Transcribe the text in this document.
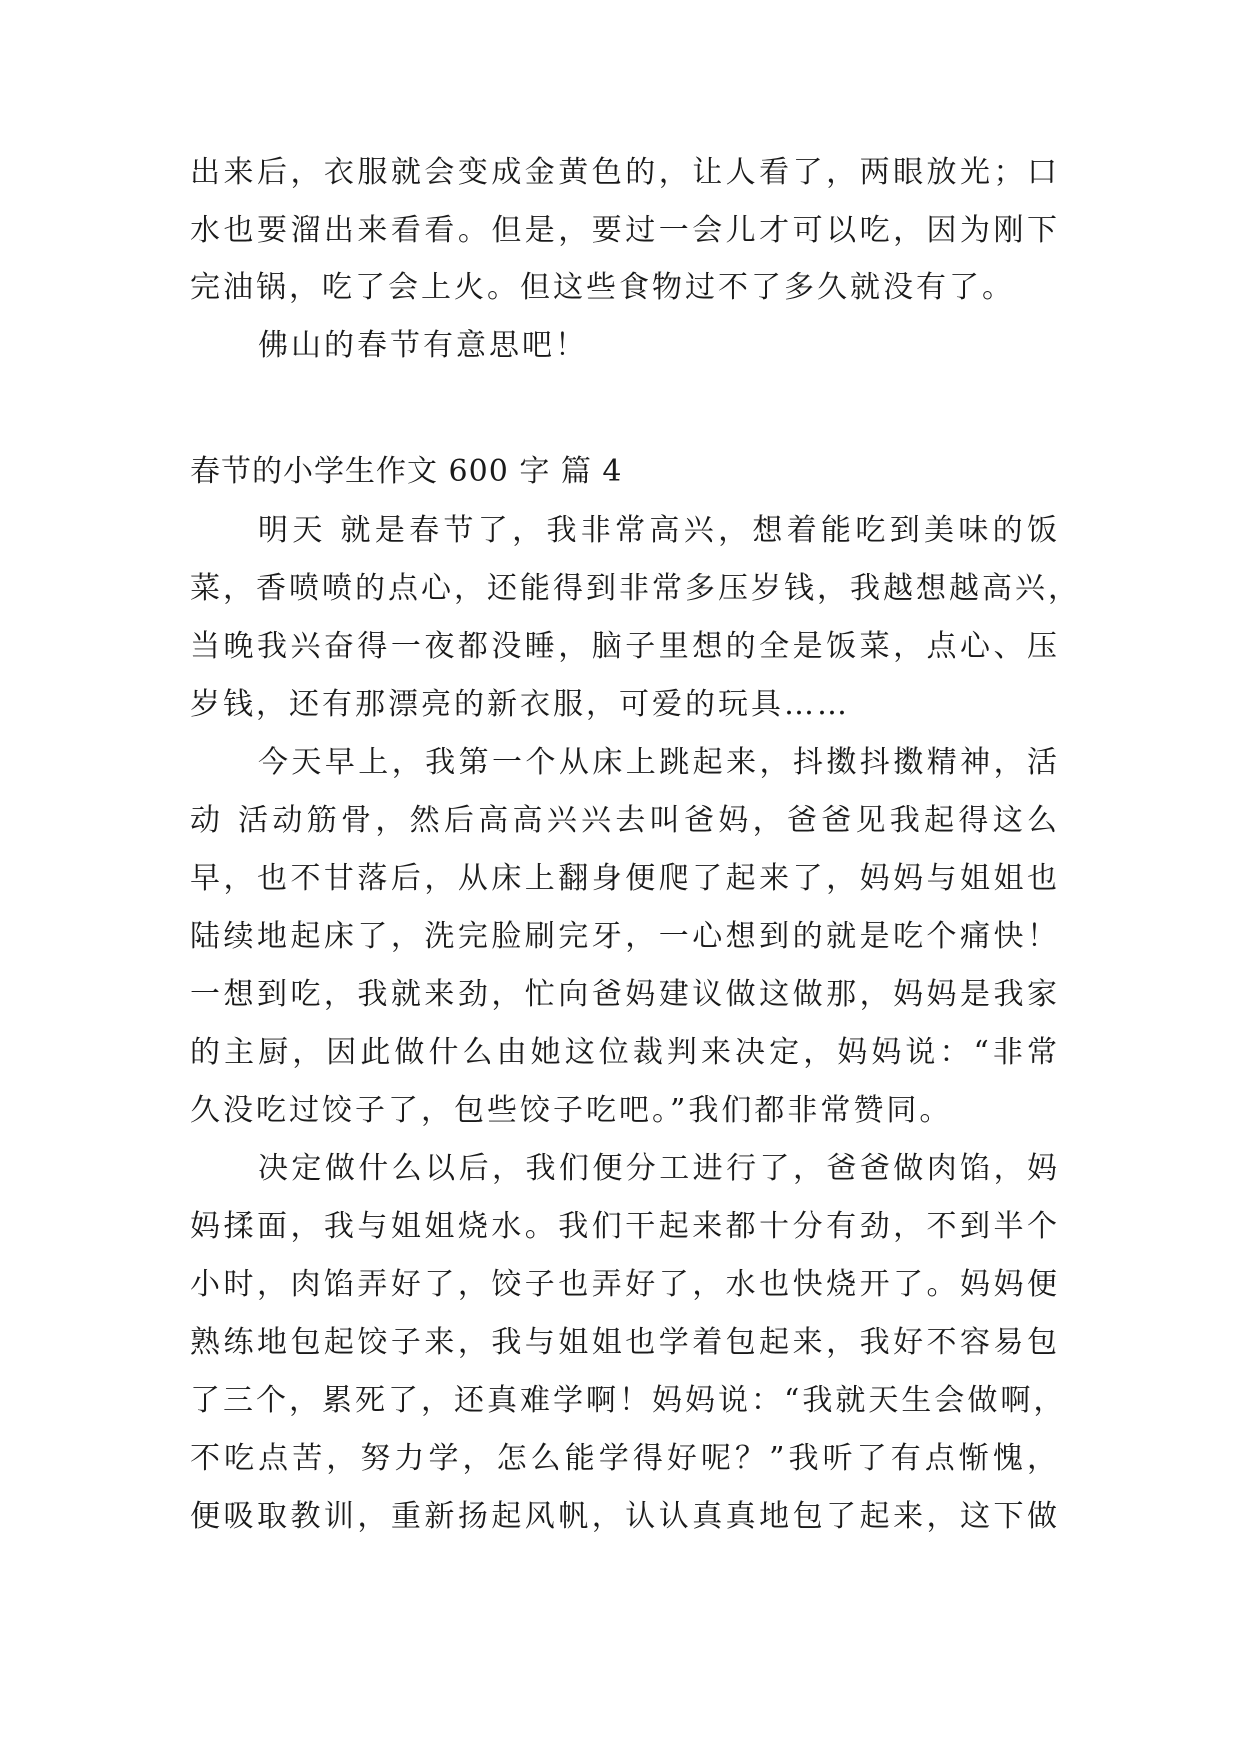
出来后，衣服就会变成金黄色的，让人看了，两眼放光；口
水也要溜出来看看。但是，要过一会儿才可以吃，因为刚下
完油锅，吃了会上火。但这些食物过不了多久就没有了。
佛山的春节有意思吧！
春节的小学生作文 600 字 篇 4
明天 就是春节了，我非常高兴，想着能吃到美味的饭
菜，香喷喷的点心，还能得到非常多压岁钱，我越想越高兴，
当晚我兴奋得一夜都没睡，脑子里想的全是饭菜，点心、压
岁钱，还有那漂亮的新衣服，可爱的玩具……
今天早上，我第一个从床上跳起来，抖擞抖擞精神，活
动 活动筋骨，然后高高兴兴去叫爸妈，爸爸见我起得这么
早，也不甘落后，从床上翻身便爬了起来了，妈妈与姐姐也
陆续地起床了，洗完脸刷完牙，一心想到的就是吃个痛快！
一想到吃，我就来劲，忙向爸妈建议做这做那，妈妈是我家
的主厨，因此做什么由她这位裁判来决定，妈妈说：“非常
久没吃过饺子了，包些饺子吃吧。”我们都非常赞同。
决定做什么以后，我们便分工进行了，爸爸做肉馅，妈
妈揉面，我与姐姐烧水。我们干起来都十分有劲，不到半个
小时，肉馅弄好了，饺子也弄好了，水也快烧开了。妈妈便
熟练地包起饺子来，我与姐姐也学着包起来，我好不容易包
了三个，累死了，还真难学啊！妈妈说：“我就天生会做啊，
不吃点苦，努力学，怎么能学得好呢？”我听了有点惭愧，
便吸取教训，重新扬起风帆，认认真真地包了起来，这下做
